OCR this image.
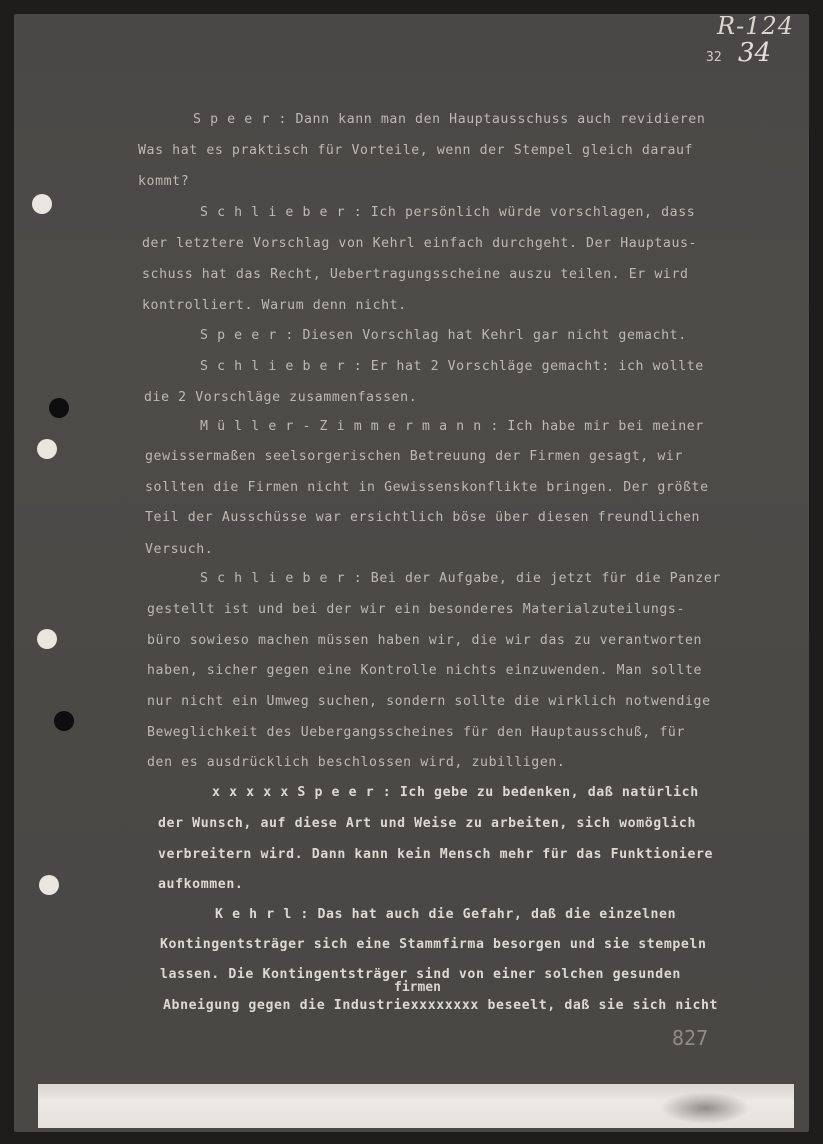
R-124
32 34
S p e e r : Dann kann man den Hauptausschuss auch revidieren
Was hat es praktisch für Vorteile, wenn der Stempel gleich darauf
kommt?
S c h l i e b e r : Ich persönlich würde vorschlagen, dass
der letztere Vorschlag von Kehrl einfach durchgeht. Der Hauptaus-
schuss hat das Recht, Uebertragungsscheine auszu teilen. Er wird
kontrolliert. Warum denn nicht.
S p e e r : Diesen Vorschlag hat Kehrl gar nicht gemacht.
S c h l i e b e r : Er hat 2 Vorschläge gemacht: ich wollte
die 2 Vorschläge zusammenfassen.
M ü l l e r - Z i m m e r m a n n : Ich habe mir bei meiner
gewissermaßen seelsorgerischen Betreuung der Firmen gesagt, wir
sollten die Firmen nicht in Gewissenskonflikte bringen. Der größte
Teil der Ausschüsse war ersichtlich böse über diesen freundlichen
Versuch.
S c h l i e b e r : Bei der Aufgabe, die jetzt für die Panzer
gestellt ist und bei der wir ein besonderes Materialzuteilungs-
büro sowieso machen müssen haben wir, die wir das zu verantworten
haben, sicher gegen eine Kontrolle nichts einzuwenden. Man sollte
nur nicht ein Umweg suchen, sondern sollte die wirklich notwendige
Beweglichkeit des Uebergangsscheines für den Hauptausschuß, für
den es ausdrücklich beschlossen wird, zubilligen.
x x x x x S p e e r : Ich gebe zu bedenken, daß natürlich
der Wunsch, auf diese Art und Weise zu arbeiten, sich womöglich
verbreitern wird. Dann kann kein Mensch mehr für das Funktioniere
aufkommen.
K e h r l : Das hat auch die Gefahr, daß die einzelnen
Kontingentsträger sich eine Stammfirma besorgen und sie stempeln
lassen. Die Kontingentsträger sind von einer solchen gesunden
firmen
Abneigung gegen die Industriexxxxxxxx beseelt, daß sie sich nicht
827
